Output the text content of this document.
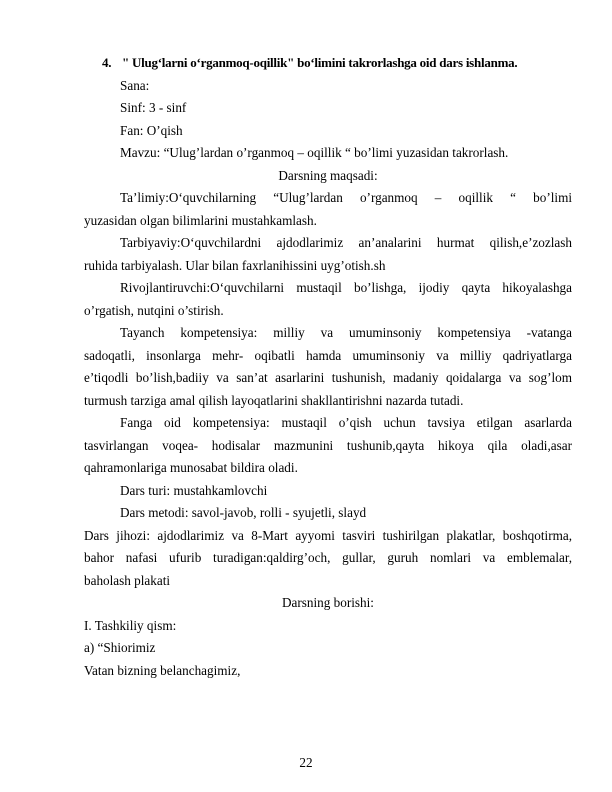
4. " Ulug‘larni o‘rganmoq-oqillik" bo‘limini takrorlashga oid dars ishlanma.
Sana:
Sinf: 3 - sinf
Fan: O’qish
Mavzu: “Ulug’lardan o’rganmoq – oqillik “ bo’limi yuzasidan takrorlash.
Darsning maqsadi:
Ta’limiy:O‘quvchilarning “Ulug’lardan o’rganmoq – oqillik “ bo’limi
yuzasidan olgan bilimlarini mustahkamlash.
Tarbiyaviy:O‘quvchilardni ajdodlarimiz an’analarini hurmat qilish,e’zozlash
ruhida tarbiyalash. Ular bilan faxrlanihissini uyg’otish.sh
Rivojlantiruvchi:O‘quvchilarni mustaqil bo’lishga, ijodiy qayta hikoyalashga
o’rgatish, nutqini o’stirish.
Tayanch kompetensiya: milliy va umuminsoniy kompetensiya -vatanga
sadoqatli, insonlarga mehr- oqibatli hamda umuminsoniy va milliy qadriyatlarga
e’tiqodli bo’lish,badiiy va san’at asarlarini tushunish, madaniy qoidalarga va sog’lom
turmush tarziga amal qilish layoqatlarini shakllantirishni nazarda tutadi.
Fanga oid kompetensiya: mustaqil o’qish uchun tavsiya etilgan asarlarda
tasvirlangan voqea- hodisalar mazmunini tushunib,qayta hikoya qila oladi,asar
qahramonlariga munosabat bildira oladi.
Dars turi: mustahkamlovchi
Dars metodi: savol-javob, rolli - syujetli, slayd
Dars jihozi: ajdodlarimiz va 8-Mart ayyomi tasviri tushirilgan plakatlar, boshqotirma,
bahor nafasi ufurib turadigan:qaldirg’och, gullar, guruh nomlari va emblemalar,
baholash plakati
Darsning borishi:
I. Tashkiliy qism:
a) “Shiorimiz
Vatan bizning belanchagimiz,
22
